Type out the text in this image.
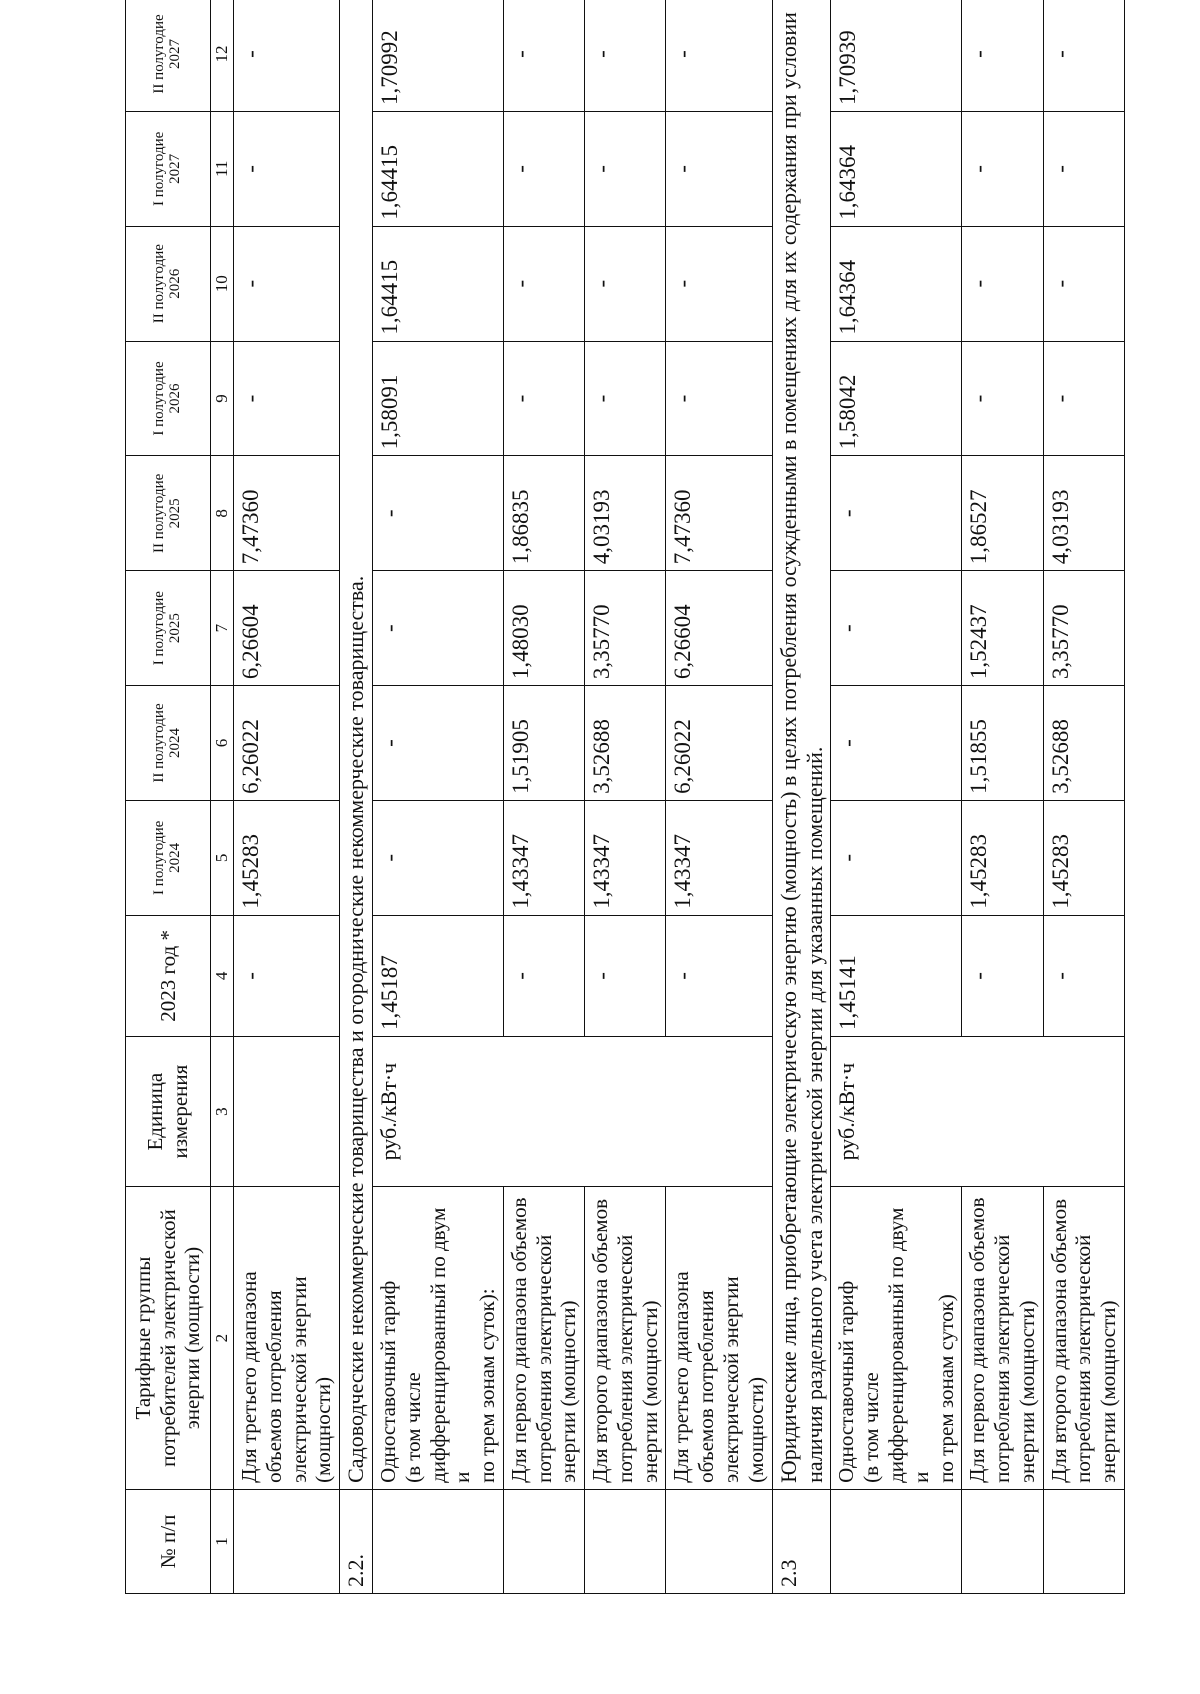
№ п/п	Тарифные группы потребителей электрической энергии (мощности)	Единица измерения	2023 год *	I полугодие 2024	II полугодие 2024	I полугодие 2025	II полугодие 2025	I полугодие 2026	II полугодие 2026	I полугодие 2027	II полугодие 2027
1	2	3	4	5	6	7	8	9	10	11	12
	Для третьего диапазона объемов потребления электрической энергии (мощности)		-	1,45283	6,26022	6,26604	7,47360	-	-	-	-
2.2.	Садоводческие некоммерческие товарищества и огороднические некоммерческие товарищества.										

	Одноставочный тариф (в том числе дифференцированный по двум и по трем зонам суток):	руб./кВт·ч	1,45187	-	-	-	-	1,58091	1,64415	1,64415	1,70992
	Для первого диапазона объемов потребления электрической энергии (мощности)		-	1,43347	1,51905	1,48030	1,86835	-	-	-	-
	Для второго диапазона объемов потребления электрической энергии (мощности)		-	1,43347	3,52688	3,35770	4,03193	-	-	-	-
	Для третьего диапазона объемов потребления электрической энергии (мощности)		-	1,43347	6,26022	6,26604	7,47360	-	-	-	-
2.3	Юридические лица, приобретающие электрическую энергию (мощность) в целях потребления осужденными в помещениях для их содержания при условии наличия раздельного учета электрической энергии для указанных помещений.										

	Одноставочный тариф (в том числе дифференцированный по двум и по трем зонам суток)	руб./кВт·ч	1,45141	-	-	-	-	1,58042	1,64364	1,64364	1,70939
	Для первого диапазона объемов потребления электрической энергии (мощности)		-	1,45283	1,51855	1,52437	1,86527	-	-	-	-
	Для второго диапазона объемов потребления электрической энергии (мощности)		-	1,45283	3,52688	3,35770	4,03193	-	-	-	-
